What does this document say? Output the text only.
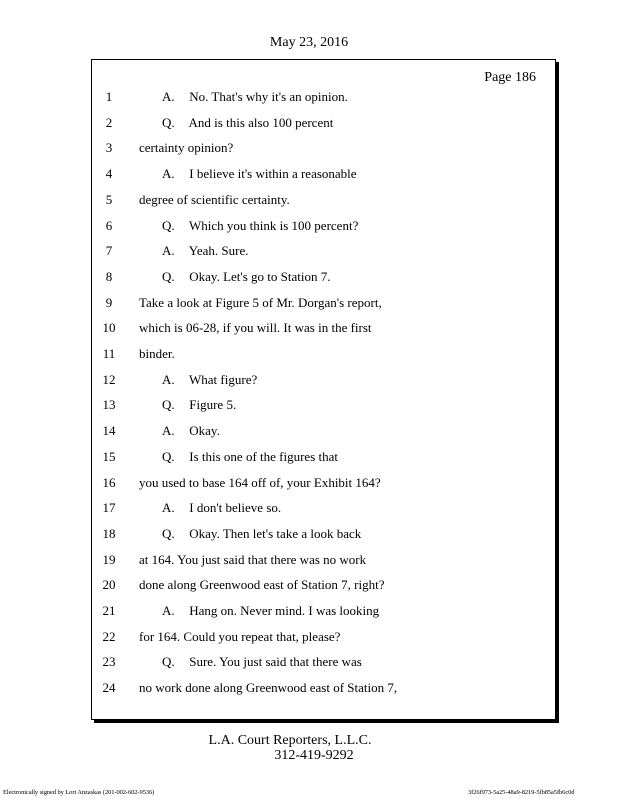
May 23, 2016
Page 186
1	A. No. That's why it's an opinion.
2	Q. And is this also 100 percent
3	certainty opinion?
4	A. I believe it's within a reasonable
5	degree of scientific certainty.
6	Q. Which you think is 100 percent?
7	A. Yeah. Sure.
8	Q. Okay. Let's go to Station 7.
9	Take a look at Figure 5 of Mr. Dorgan's report,
10 which is 06-28, if you will. It was in the first
11 binder.
12	A. What figure?
13	Q. Figure 5.
14	A. Okay.
15	Q. Is this one of the figures that
16 you used to base 164 off of, your Exhibit 164?
17	A. I don't believe so.
18	Q. Okay. Then let's take a look back
19 at 164. You just said that there was no work
20 done along Greenwood east of Station 7, right?
21	A. Hang on. Never mind. I was looking
22 for 164. Could you repeat that, please?
23	Q. Sure. You just said that there was
24 no work done along Greenwood east of Station 7,
L.A. Court Reporters, L.L.C.
312-419-9292
Electronically signed by Lori Anzaskas (201-002-602-9536)	3f26f973-5a25-48a9-8219-5fb85a5fb6c0d
